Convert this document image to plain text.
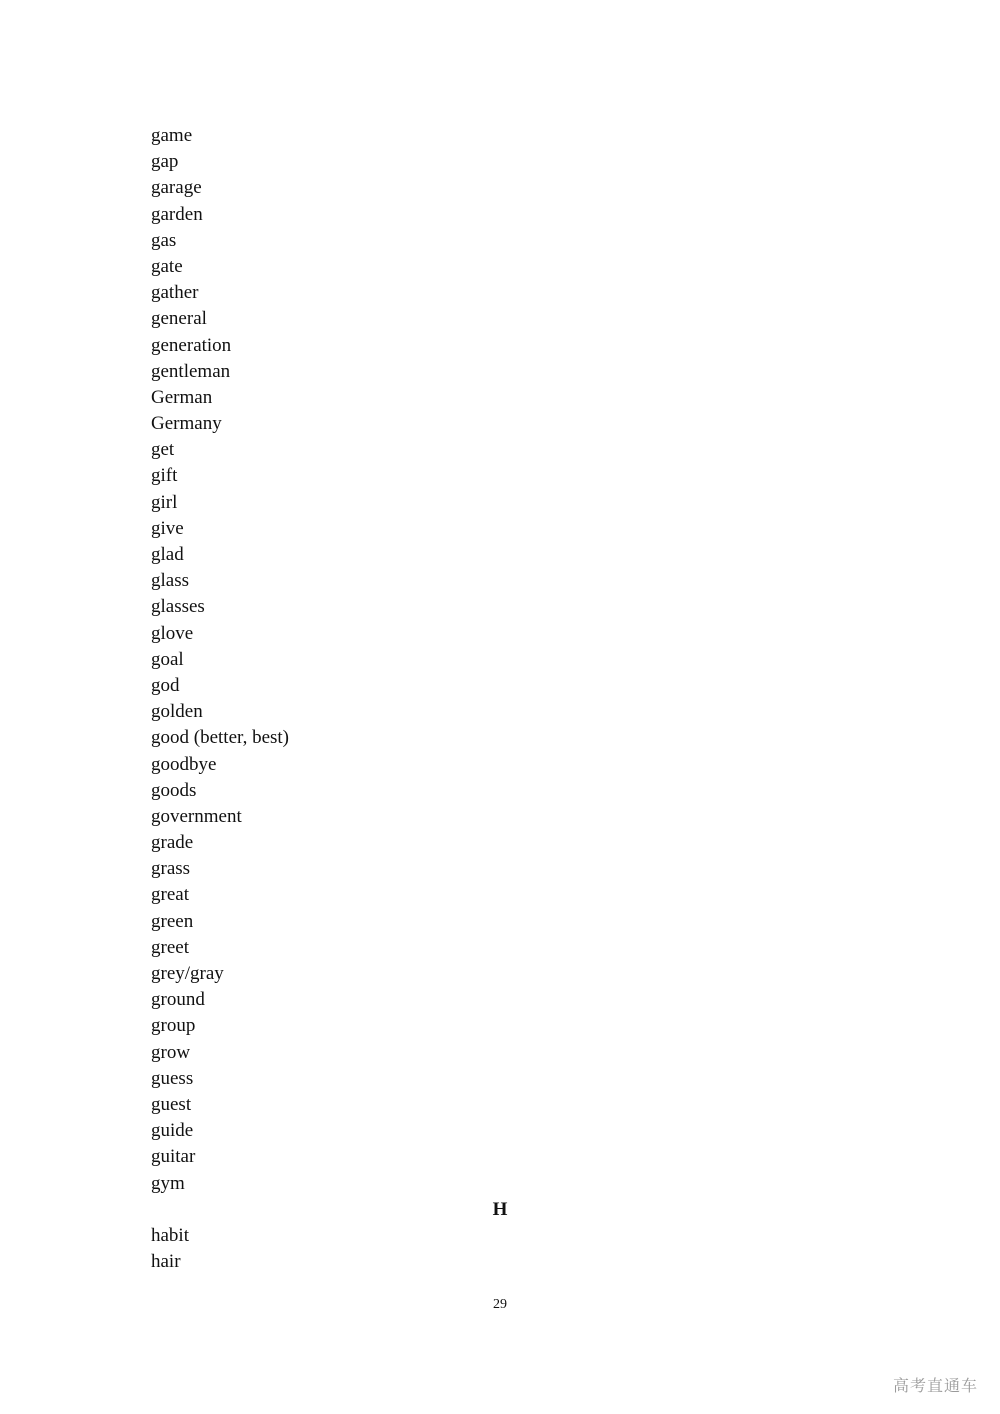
game
gap
garage
garden
gas
gate
gather
general
generation
gentleman
German
Germany
get
gift
girl
give
glad
glass
glasses
glove
goal
god
golden
good (better, best)
goodbye
goods
government
grade
grass
great
green
greet
grey/gray
ground
group
grow
guess
guest
guide
guitar
gym
H
habit
hair
29
高考直通车
